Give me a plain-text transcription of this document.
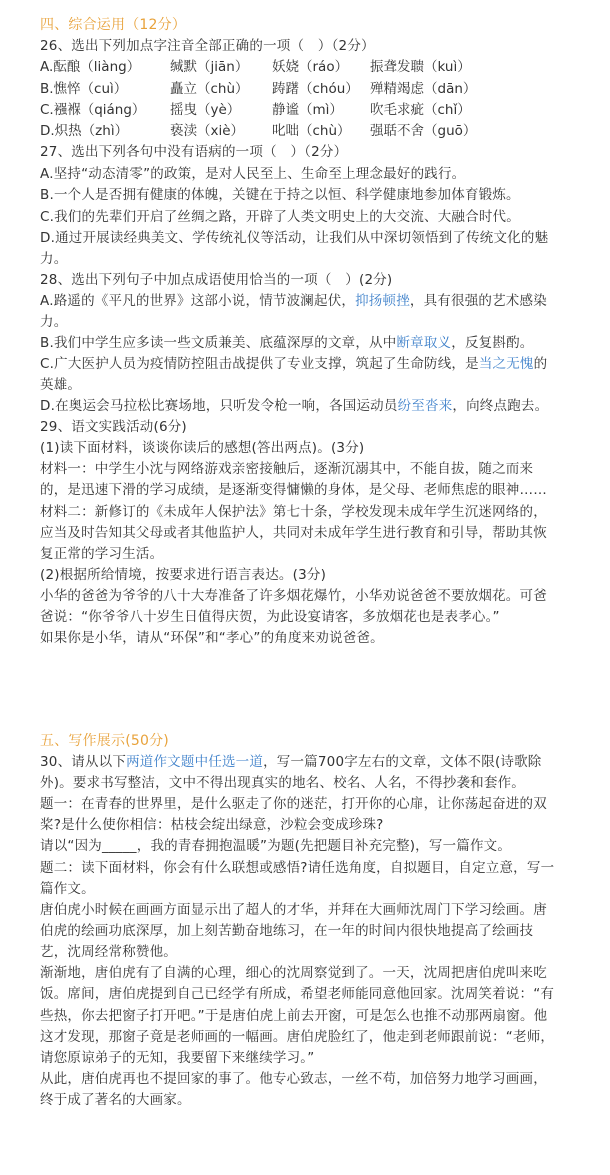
四、综合运用（12分）
26、选出下列加点字注音全部正确的一项（　）（2分）
A.酝酿（liàng） 缄默（jiān） 妖娆（ráo） 振聋发聩（kuì）
B.憔悴（cuì）	矗立（chù） 踌躇（chóu） 殚精竭虑（dān）
C.襁褓（qiáng） 摇曳（yè） 静谧（mì） 吹毛求疵（chǐ）
D.炽热（zhì）	亵渎（xiè） 叱咄（chù） 强聒不舍（guō）
27、选出下列各句中没有语病的一项（　）（2分）
A.坚持“动态清零”的政策，是对人民至上、生命至上理念最好的践行。
B.一个人是否拥有健康的体魄，关键在于持之以恒、科学健康地参加体育锻炼。
C.我们的先辈们开启了丝绸之路，开辟了人类文明史上的大交流、大融合时代。
D.通过开展读经典美文、学传统礼仪等活动，让我们从中深切领悟到了传统文化的魅
力。
28、选出下列句子中加点成语使用恰当的一项（　）(2分)
A.路遥的《平凡的世界》这部小说，情节波澜起伏，抑扬顿挫，具有很强的艺术感染
力。
B.我们中学生应多读一些文质兼美、底蕴深厚的文章，从中断章取义，反复斟酌。
C.广大医护人员为疫情防控阻击战提供了专业支撑，筑起了生命防线，是当之无愧的
英雄。
D.在奥运会马拉松比赛场地，只听发令枪一响，各国运动员纷至沓来，向终点跑去。
29、语文实践活动(6分)
(1)读下面材料，谈谈你读后的感想(答出两点)。(3分)
材料一：中学生小沈与网络游戏亲密接触后，逐渐沉溺其中，不能自拔，随之而来
的，是迅速下滑的学习成绩，是逐渐变得慵懒的身体，是父母、老师焦虑的眼神……
材料二：新修订的《未成年人保护法》第七十条，学校发现未成年学生沉迷网络的，
应当及时告知其父母或者其他监护人，共同对未成年学生进行教育和引导，帮助其恢
复正常的学习生活。
(2)根据所给情境，按要求进行语言表达。(3分)
小华的爸爸为爷爷的八十大寿准备了许多烟花爆竹，小华劝说爸爸不要放烟花。可爸
爸说：“你爷爷八十岁生日值得庆贺，为此设宴请客，多放烟花也是表孝心。”
如果你是小华，请从“环保”和“孝心”的角度来劝说爸爸。
五、写作展示(50分)
30、请从以下两道作文题中任选一道，写一篇700字左右的文章，文体不限(诗歌除
外)。要求书写整洁，文中不得出现真实的地名、校名、人名，不得抄袭和套作。
题一：在青春的世界里，是什么驱走了你的迷茫，打开你的心扉，让你荡起奋进的双
桨?是什么使你相信：枯枝会绽出绿意，沙粒会变成珍珠?
请以“因为_____，我的青春拥抱温暖”为题(先把题目补充完整)，写一篇作文。
题二：读下面材料，你会有什么联想或感悟?请任选角度，自拟题目，自定立意，写一
篇作文。
唐伯虎小时候在画画方面显示出了超人的才华，并拜在大画师沈周门下学习绘画。唐
伯虎的绘画功底深厚，加上刻苦勤奋地练习，在一年的时间内很快地提高了绘画技
艺，沈周经常称赞他。
渐渐地，唐伯虎有了自满的心理，细心的沈周察觉到了。一天，沈周把唐伯虎叫来吃
饭。席间，唐伯虎提到自己已经学有所成，希望老师能同意他回家。沈周笑着说：“有
些热，你去把窗子打开吧。”于是唐伯虎上前去开窗，可是怎么也推不动那两扇窗。他
这才发现，那窗子竟是老师画的一幅画。唐伯虎脸红了，他走到老师跟前说：“老师，
请您原谅弟子的无知，我要留下来继续学习。”
从此，唐伯虎再也不提回家的事了。他专心致志，一丝不苟，加倍努力地学习画画，
终于成了著名的大画家。
